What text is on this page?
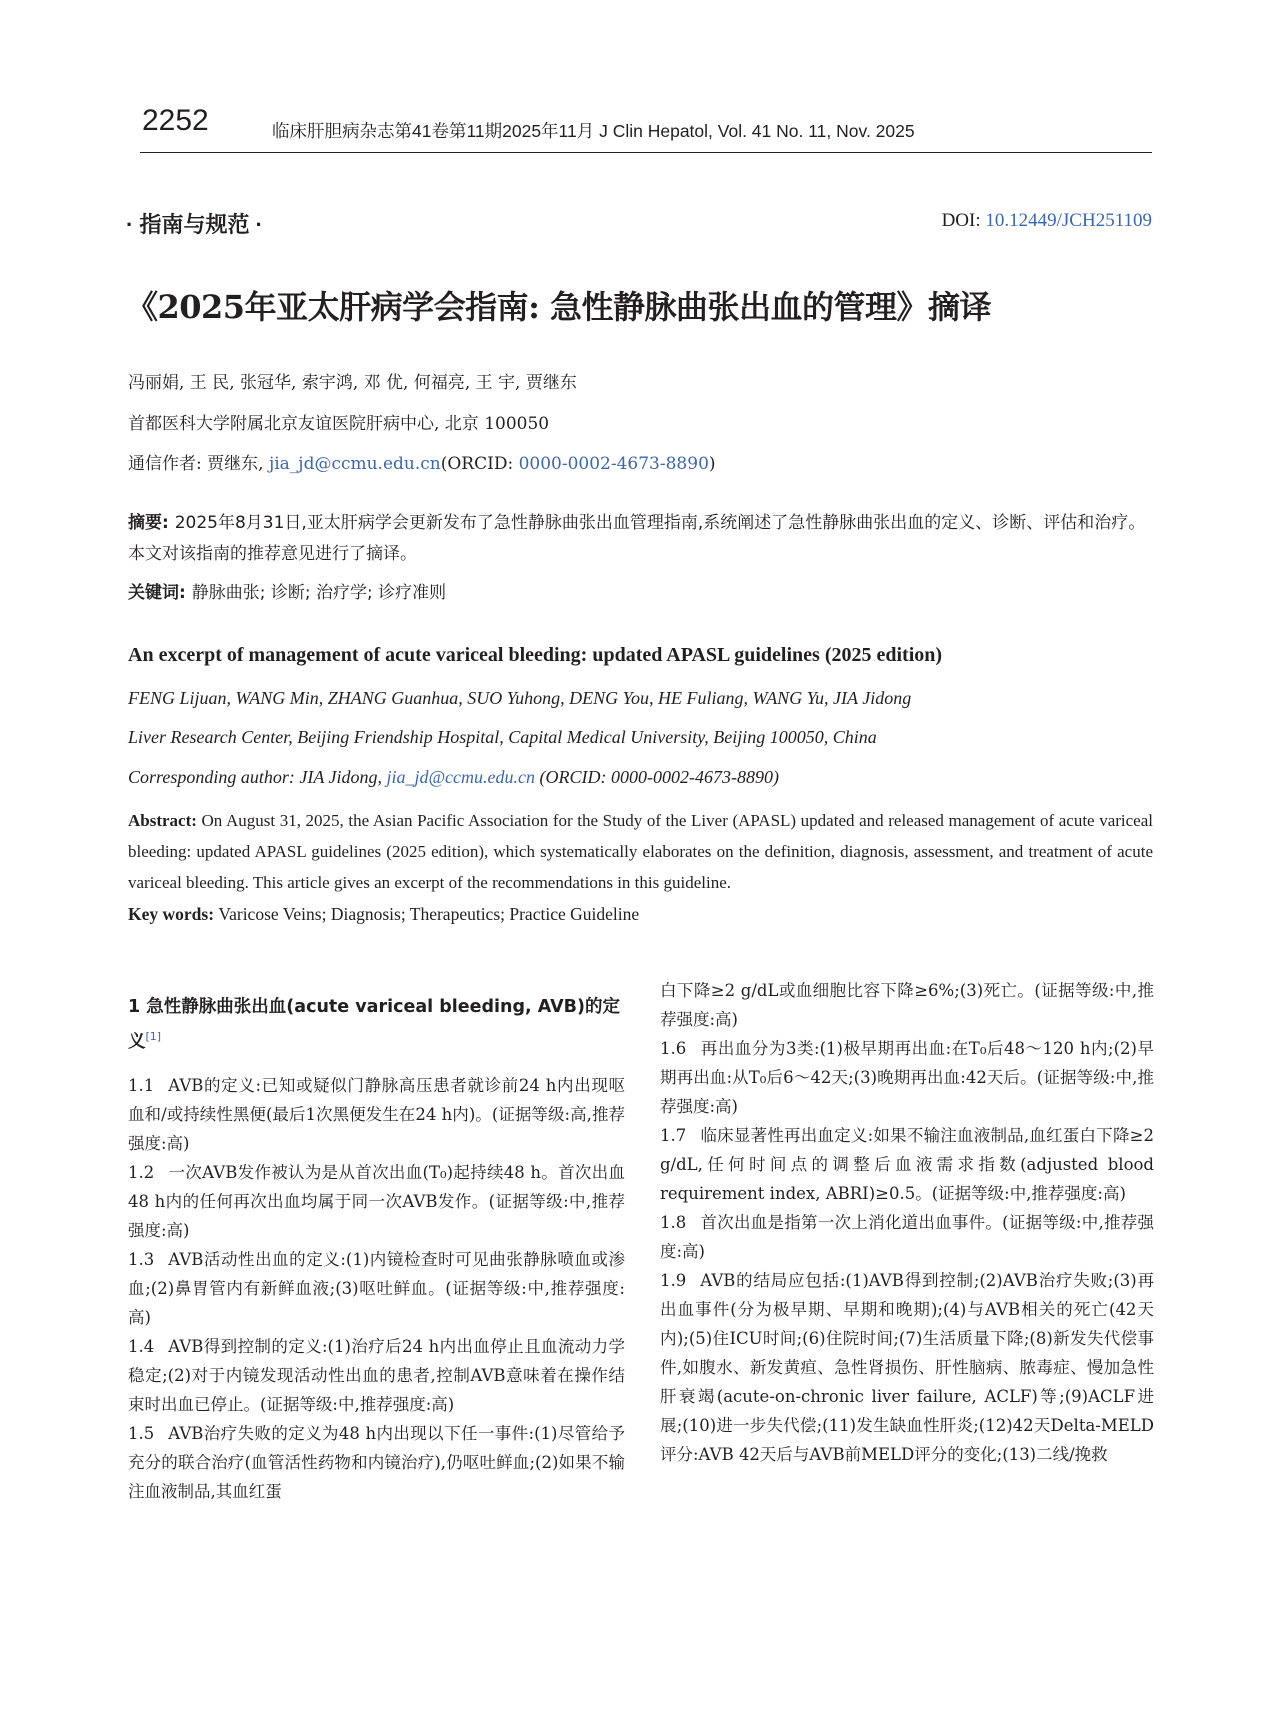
2252	临床肝胆病杂志第41卷第11期2025年11月 J Clin Hepatol, Vol. 41 No. 11, Nov. 2025
· 指南与规范 ·	DOI: 10.12449/JCH251109
《2025年亚太肝病学会指南: 急性静脉曲张出血的管理》摘译
冯丽娟, 王 民, 张冠华, 索宇鸿, 邓 优, 何福亮, 王 宇, 贾继东
首都医科大学附属北京友谊医院肝病中心, 北京 100050
通信作者: 贾继东, jia_jd@ccmu.edu.cn(ORCID: 0000-0002-4673-8890)
摘要: 2025年8月31日,亚太肝病学会更新发布了急性静脉曲张出血管理指南,系统阐述了急性静脉曲张出血的定义、诊断、评估和治疗。本文对该指南的推荐意见进行了摘译。
关键词: 静脉曲张; 诊断; 治疗学; 诊疗准则
An excerpt of management of acute variceal bleeding: updated APASL guidelines (2025 edition)
FENG Lijuan, WANG Min, ZHANG Guanhua, SUO Yuhong, DENG You, HE Fuliang, WANG Yu, JIA Jidong
Liver Research Center, Beijing Friendship Hospital, Capital Medical University, Beijing 100050, China
Corresponding author: JIA Jidong, jia_jd@ccmu.edu.cn (ORCID: 0000-0002-4673-8890)
Abstract: On August 31, 2025, the Asian Pacific Association for the Study of the Liver (APASL) updated and released management of acute variceal bleeding: updated APASL guidelines (2025 edition), which systematically elaborates on the definition, diagnosis, assessment, and treatment of acute variceal bleeding. This article gives an excerpt of the recommendations in this guideline.
Key words: Varicose Veins; Diagnosis; Therapeutics; Practice Guideline
1 急性静脉曲张出血(acute variceal bleeding, AVB)的定义[1]

1.1 AVB的定义:已知或疑似门静脉高压患者就诊前24 h内出现呕血和/或持续性黑便(最后1次黑便发生在24 h内)。(证据等级:高,推荐强度:高)

1.2 一次AVB发作被认为是从首次出血(T₀)起持续48 h。首次出血48 h内的任何再次出血均属于同一次AVB发作。(证据等级:中,推荐强度:高)

1.3 AVB活动性出血的定义:(1)内镜检查时可见曲张静脉喷血或渗血;(2)鼻胃管内有新鲜血液;(3)呕吐鲜血。(证据等级:中,推荐强度:高)

1.4 AVB得到控制的定义:(1)治疗后24 h内出血停止且血流动力学稳定;(2)对于内镜发现活动性出血的患者,控制AVB意味着在操作结束时出血已停止。(证据等级:中,推荐强度:高)

1.5 AVB治疗失败的定义为48 h内出现以下任一事件:(1)尽管给予充分的联合治疗(血管活性药物和内镜治疗),仍呕吐鲜血;(2)如果不输注血液制品,其血红蛋

白下降≥2 g/dL或血细胞比容下降≥6%;(3)死亡。(证据等级:中,推荐强度:高)

1.6 再出血分为3类:(1)极早期再出血:在T₀后48～120 h内;(2)早期再出血:从T₀后6～42天;(3)晚期再出血:42天后。(证据等级:中,推荐强度:高)

1.7 临床显著性再出血定义:如果不输注血液制品,血红蛋白下降≥2 g/dL,任何时间点的调整后血液需求指数(adjusted blood requirement index, ABRI)≥0.5。(证据等级:中,推荐强度:高)

1.8 首次出血是指第一次上消化道出血事件。(证据等级:中,推荐强度:高)

1.9 AVB的结局应包括:(1)AVB得到控制;(2)AVB治疗失败;(3)再出血事件(分为极早期、早期和晚期);(4)与AVB相关的死亡(42天内);(5)住ICU时间;(6)住院时间;(7)生活质量下降;(8)新发失代偿事件,如腹水、新发黄疸、急性肾损伤、肝性脑病、脓毒症、慢加急性肝衰竭(acute-on-chronic liver failure, ACLF)等;(9)ACLF进展;(10)进一步失代偿;(11)发生缺血性肝炎;(12)42天Delta-MELD评分:AVB 42天后与AVB前MELD评分的变化;(13)二线/挽救
